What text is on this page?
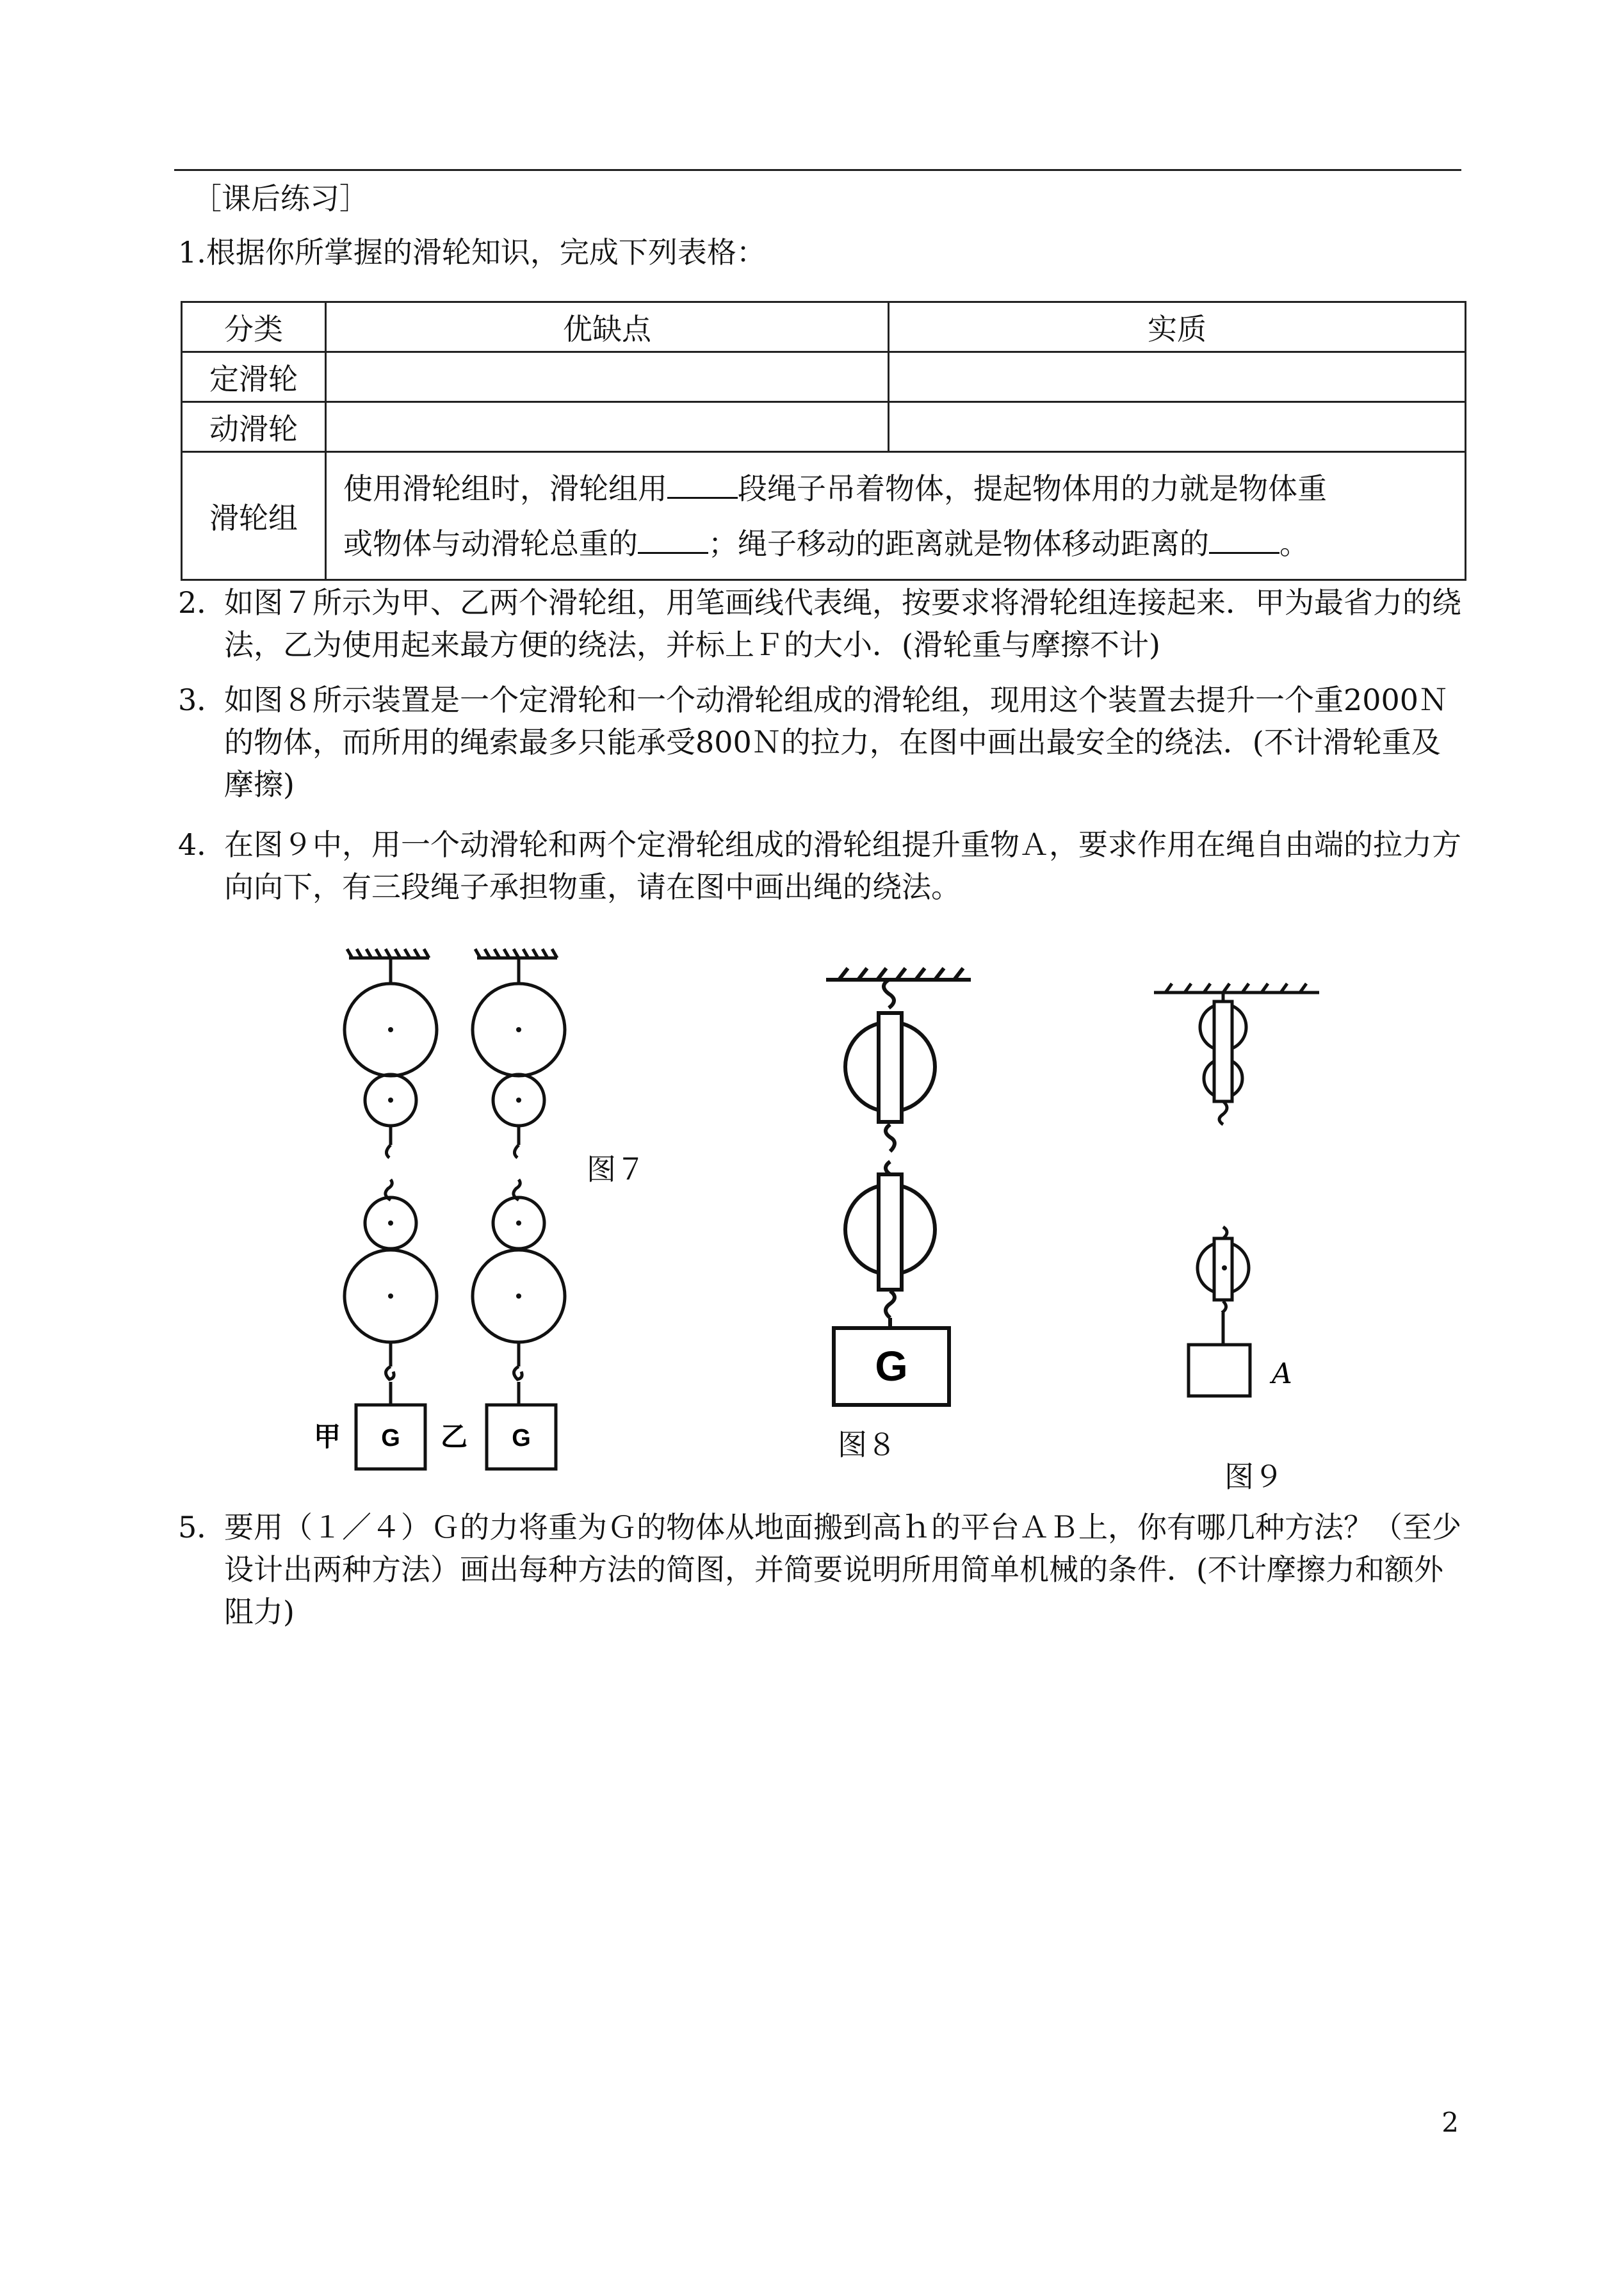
［课后练习］
1.根据你所掌握的滑轮知识，完成下列表格：
分类	优缺点	实质
定滑轮		
动滑轮		
滑轮组	使用滑轮组时，滑轮组用 段绳子吊着物体，提起物体用的力就是物体重
或物体与动滑轮总重的 ；绳子移动的距离就是物体移动距离的 。	
2．
如图７所示为甲、乙两个滑轮组，用笔画线代表绳，按要求将滑轮组连接起来．甲为最省力的绕法，乙为使用起来最方便的绕法，并标上Ｆ的大小．(滑轮重与摩擦不计)
3．
如图８所示装置是一个定滑轮和一个动滑轮组成的滑轮组，现用这个装置去提升一个重2000Ｎ的物体，而所用的绳索最多只能承受800Ｎ的拉力，在图中画出最安全的绕法．(不计滑轮重及摩擦)
4．
在图９中，用一个动滑轮和两个定滑轮组成的滑轮组提升重物Ａ，要求作用在绳自由端的拉力方向向下，有三段绳子承担物重，请在图中画出绳的绕法。
G	G
甲	乙
图７
G
图８
A
图９
5．
要用（１／４）Ｇ的力将重为Ｇ的物体从地面搬到高ｈ的平台ＡＢ上，你有哪几种方法？（至少设计出两种方法）画出每种方法的简图，并简要说明所用简单机械的条件．(不计摩擦力和额外阻力)
2
